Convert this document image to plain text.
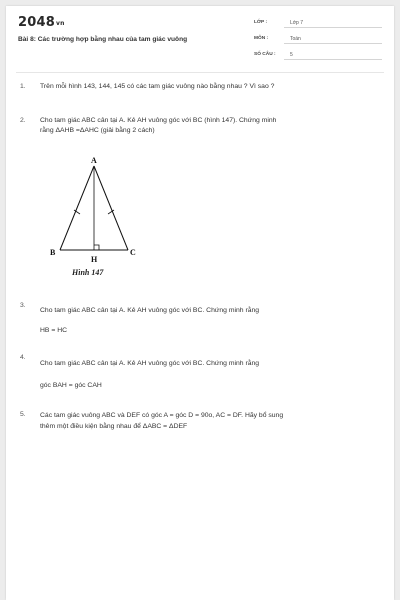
2048vn
Bài 8: Các trường hợp bằng nhau của tam giác vuông
LỚP :	Lớp 7
MÔN :	Toán
SỐ CÂU :	5
1. Trên mỗi hình 143, 144, 145 có các tam giác vuông nào bằng nhau ? Vì sao ?
2. Cho tam giác ABC cân tại A. Kẻ AH vuông góc với BC (hình 147). Chứng minh
rằng ΔAHB =ΔAHC (giải bằng 2 cách)
A
B	C
H
Hình 147
3.
Cho tam giác ABC cân tại A. Kẻ AH vuông góc với BC. Chứng minh rằng
HB = HC
4.
Cho tam giác ABC cân tại A. Kẻ AH vuông góc với BC. Chứng minh rằng
góc BAH = góc CAH
5. Các tam giác vuông ABC và DEF có góc A = góc D = 90o, AC = DF. Hãy bổ sung
thêm một điều kiện bằng nhau để ΔABC = ΔDEF
